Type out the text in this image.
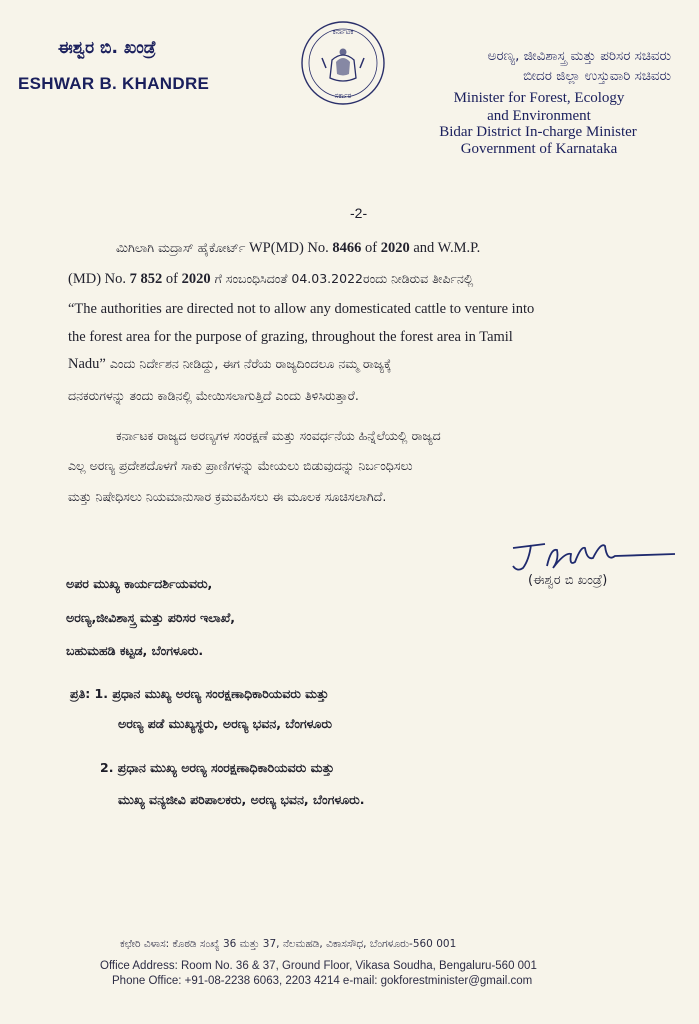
ಈಶ್ವರ ಬಿ. ಖಂಡ್ರೆ
ESHWAR B. KHANDRE
ಕರ್ನಾಟಕ
ಸರ್ಕಾರ
ಅರಣ್ಯ, ಜೀವಿಶಾಸ್ತ್ರ ಮತ್ತು ಪರಿಸರ ಸಚಿವರು
ಬೀದರ ಜಿಲ್ಲಾ ಉಸ್ತುವಾರಿ ಸಚಿವರು
Minister for Forest, Ecology
and Environment
Bidar District In-charge Minister
Government of Karnataka
-2-
ಮಿಗಿಲಾಗಿ ಮದ್ರಾಸ್ ಹೈಕೋರ್ಟ್ WP(MD) No. 8466 of 2020 and W.M.P.
(MD) No. 7 852 of 2020 ಗೆ ಸಂಬಂಧಿಸಿದಂತೆ 04.03.2022ರಂದು ನೀಡಿರುವ ತೀರ್ಪಿನಲ್ಲಿ
“The authorities are directed not to allow any domesticated cattle to venture into
the forest area for the purpose of grazing, throughout the forest area in Tamil
Nadu” ಎಂದು ನಿರ್ದೇಶನ ನೀಡಿದ್ದು, ಈಗ ನೆರೆಯ ರಾಜ್ಯದಿಂದಲೂ ನಮ್ಮ ರಾಜ್ಯಕ್ಕೆ
ದನಕರುಗಳನ್ನು ತಂದು ಕಾಡಿನಲ್ಲಿ ಮೇಯಿಸಲಾಗುತ್ತಿದೆ ಎಂದು ತಿಳಿಸಿರುತ್ತಾರೆ.
ಕರ್ನಾಟಕ ರಾಜ್ಯದ ಅರಣ್ಯಗಳ ಸಂರಕ್ಷಣೆ ಮತ್ತು ಸಂವರ್ಧನೆಯ ಹಿನ್ನೆಲೆಯಲ್ಲಿ ರಾಜ್ಯದ
ಎಲ್ಲ ಅರಣ್ಯ ಪ್ರದೇಶದೊಳಗೆ ಸಾಕು ಪ್ರಾಣಿಗಳನ್ನು ಮೇಯಲು ಬಿಡುವುದನ್ನು ನಿರ್ಬಂಧಿಸಲು
ಮತ್ತು ನಿಷೇಧಿಸಲು ನಿಯಮಾನುಸಾರ ಕ್ರಮವಹಿಸಲು ಈ ಮೂಲಕ ಸೂಚಿಸಲಾಗಿದೆ.
(ಈಶ್ವರ ಬಿ ಖಂಡ್ರೆ)
ಅಪರ ಮುಖ್ಯ ಕಾರ್ಯದರ್ಶಿಯವರು,
ಅರಣ್ಯ,ಜೀವಿಶಾಸ್ತ್ರ ಮತ್ತು ಪರಿಸರ ಇಲಾಖೆ,
ಬಹುಮಹಡಿ ಕಟ್ಟಡ, ಬೆಂಗಳೂರು.
ಪ್ರತಿ: 1. ಪ್ರಧಾನ ಮುಖ್ಯ ಅರಣ್ಯ ಸಂರಕ್ಷಣಾಧಿಕಾರಿಯವರು ಮತ್ತು
ಅರಣ್ಯ ಪಡೆ ಮುಖ್ಯಸ್ಥರು, ಅರಣ್ಯ ಭವನ, ಬೆಂಗಳೂರು
2. ಪ್ರಧಾನ ಮುಖ್ಯ ಅರಣ್ಯ ಸಂರಕ್ಷಣಾಧಿಕಾರಿಯವರು ಮತ್ತು
ಮುಖ್ಯ ವನ್ಯಜೀವಿ ಪರಿಪಾಲಕರು, ಅರಣ್ಯ ಭವನ, ಬೆಂಗಳೂರು.
ಕಛೇರಿ ವಿಳಾಸ: ಕೊಠಡಿ ಸಂಖ್ಯೆ 36 ಮತ್ತು 37, ನೆಲಮಹಡಿ, ವಿಕಾಸಸೌಧ, ಬೆಂಗಳೂರು-560 001
Office Address: Room No. 36 & 37, Ground Floor, Vikasa Soudha, Bengaluru-560 001
Phone Office: +91-08-2238 6063, 2203 4214 e-mail: gokforestminister@gmail.com
